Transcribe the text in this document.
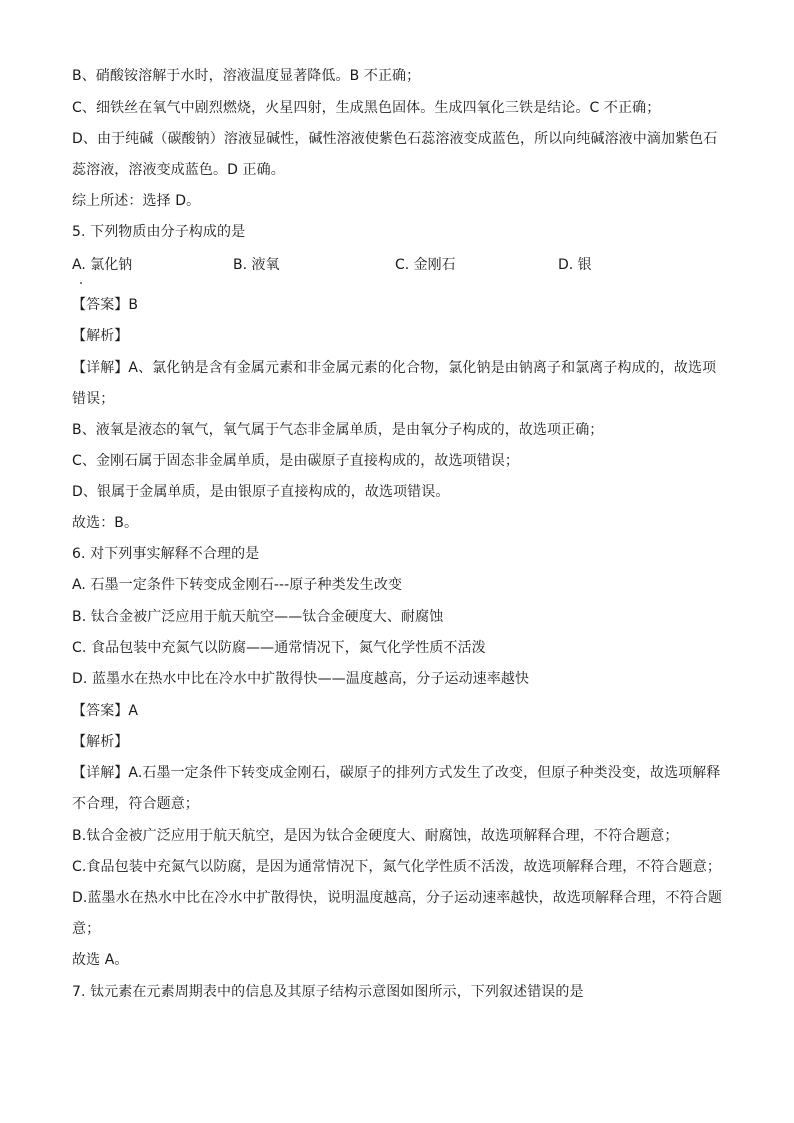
B、硝酸铵溶解于水时，溶液温度显著降低。B 不正确；
C、细铁丝在氧气中剧烈燃烧，火星四射，生成黑色固体。生成四氧化三铁是结论。C 不正确；
D、由于纯碱（碳酸钠）溶液显碱性，碱性溶液使紫色石蕊溶液变成蓝色，所以向纯碱溶液中滴加紫色石
蕊溶液，溶液变成蓝色。D 正确。
综上所述：选择 D。
5. 下列物质由分子构成的是
A. 氯化钠	B. 液氧	C. 金刚石	D. 银
【答案】B
【解析】
【详解】A、氯化钠是含有金属元素和非金属元素的化合物，氯化钠是由钠离子和氯离子构成的，故选项
错误；
B、液氧是液态的氧气，氧气属于气态非金属单质，是由氧分子构成的，故选项正确；
C、金刚石属于固态非金属单质，是由碳原子直接构成的，故选项错误；
D、银属于金属单质，是由银原子直接构成的，故选项错误。
故选：B。
6. 对下列事实解释不合理的是
A. 石墨一定条件下转变成金刚石---原子种类发生改变
B. 钛合金被广泛应用于航天航空——钛合金硬度大、耐腐蚀
C. 食品包装中充氮气以防腐——通常情况下，氮气化学性质不活泼
D. 蓝墨水在热水中比在冷水中扩散得快——温度越高，分子运动速率越快
【答案】A
【解析】
【详解】A.石墨一定条件下转变成金刚石，碳原子的排列方式发生了改变，但原子种类没变，故选项解释
不合理，符合题意；
B.钛合金被广泛应用于航天航空，是因为钛合金硬度大、耐腐蚀，故选项解释合理，不符合题意；
C.食品包装中充氮气以防腐，是因为通常情况下，氮气化学性质不活泼，故选项解释合理，不符合题意；
D.蓝墨水在热水中比在冷水中扩散得快，说明温度越高，分子运动速率越快，故选项解释合理，不符合题
意；
故选 A。
7. 钛元素在元素周期表中的信息及其原子结构示意图如图所示，下列叙述错误的是
